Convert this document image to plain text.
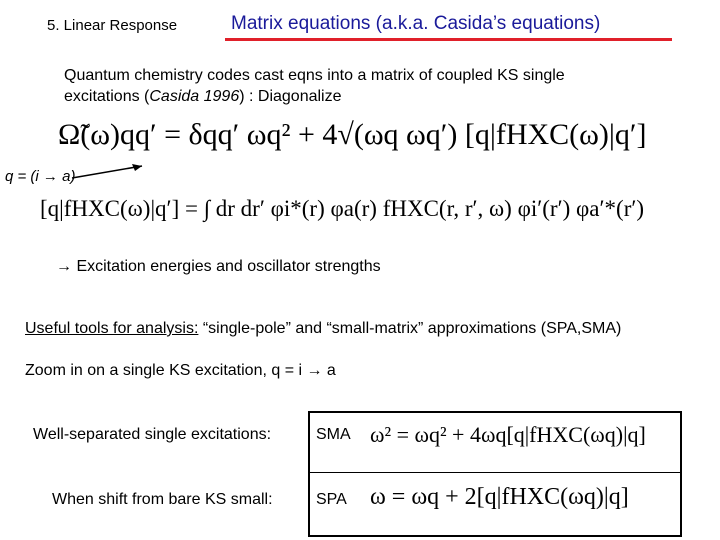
5. Linear Response	Matrix equations (a.k.a. Casida’s equations)
Quantum chemistry codes cast eqns into a matrix of coupled KS single
excitations (Casida 1996) : Diagonalize
Ω̃(ω)qq′ = δqq′ ωq² + 4√(ωq ωq′) [q|fHXC(ω)|q′]
q = (i → a)
[q|fHXC(ω)|q′] = ∫ dr dr′ φi*(r) φa(r) fHXC(r, r′, ω) φi′(r′) φa′*(r′)
→ Excitation energies and oscillator strengths
Useful tools for analysis: “single-pole” and “small-matrix” approximations (SPA,SMA)
Zoom in on a single KS excitation, q = i → a
Well-separated single excitations:	SMA ω² = ωq² + 4ωq[q|fHXC(ωq)|q]
When shift from bare KS small:	SPA ω = ωq + 2[q|fHXC(ωq)|q]
